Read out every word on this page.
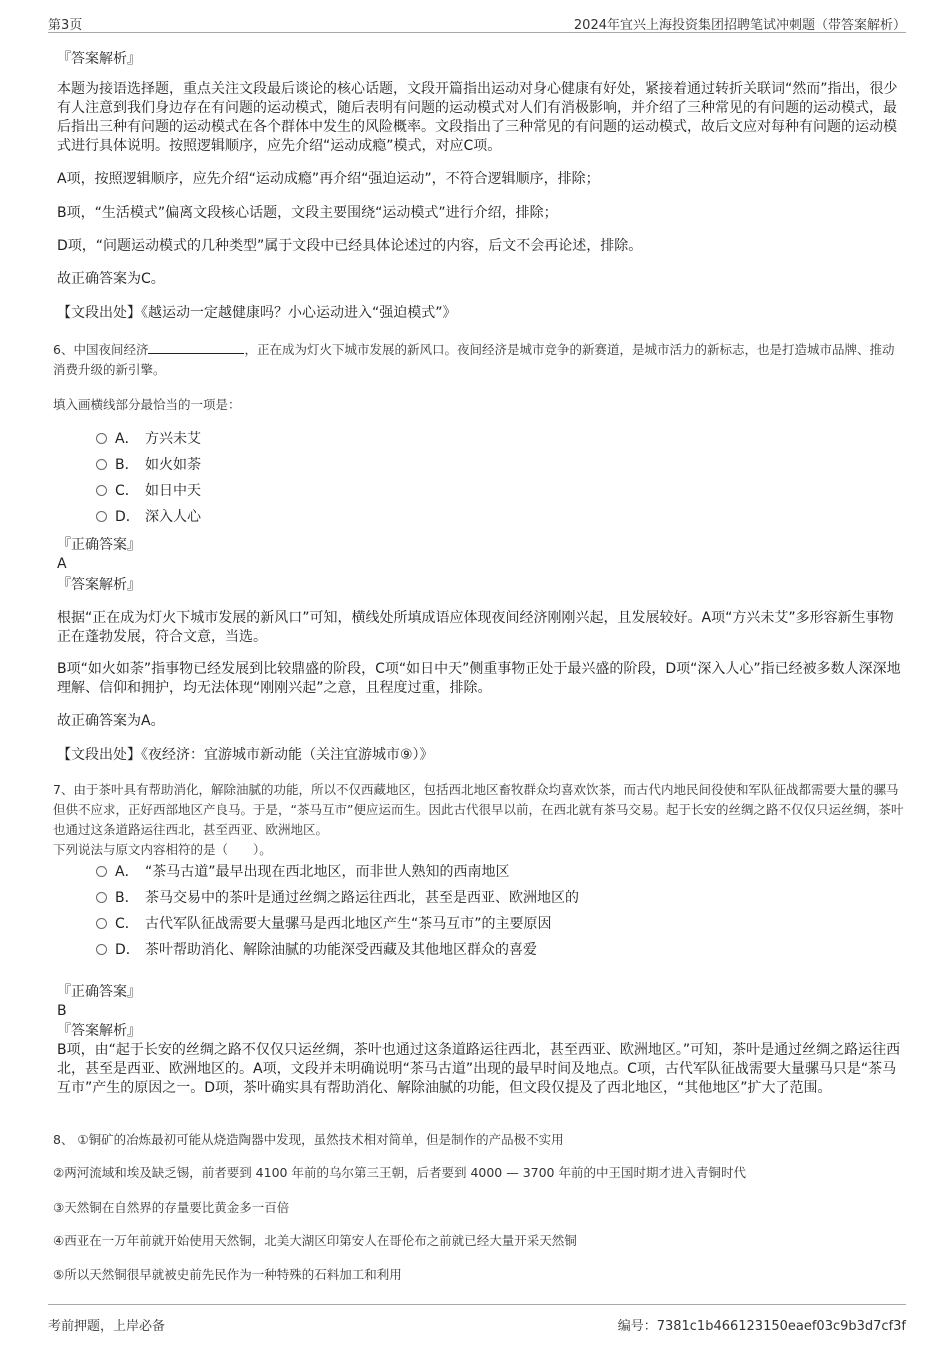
第3页	2024年宜兴上海投资集团招聘笔试冲刺题（带答案解析）
『答案解析』
本题为接语选择题，重点关注文段最后谈论的核心话题，文段开篇指出运动对身心健康有好处，紧接着通过转折关联词“然而”指出，很少有人注意到我们身边存在有问题的运动模式，随后表明有问题的运动模式对人们有消极影响，并介绍了三种常见的有问题的运动模式，最后指出三种有问题的运动模式在各个群体中发生的风险概率。文段指出了三种常见的有问题的运动模式，故后文应对每种有问题的运动模式进行具体说明。按照逻辑顺序，应先介绍“运动成瘾”模式，对应C项。
A项，按照逻辑顺序，应先介绍“运动成瘾”再介绍“强迫运动”，不符合逻辑顺序，排除；
B项，“生活模式”偏离文段核心话题，文段主要围绕“运动模式”进行介绍，排除；
D项，“问题运动模式的几种类型”属于文段中已经具体论述过的内容，后文不会再论述，排除。
故正确答案为C。
【文段出处】《越运动一定越健康吗？小心运动进入“强迫模式”》
6、中国夜间经济	，正在成为灯火下城市发展的新风口。夜间经济是城市竞争的新赛道，是城市活力的新标志，也是打造城市品牌、推动消费升级的新引擎。
填入画横线部分最恰当的一项是：
A． 方兴未艾
B． 如火如荼
C． 如日中天
D． 深入人心
『正确答案』
A
『答案解析』
根据“正在成为灯火下城市发展的新风口”可知，横线处所填成语应体现夜间经济刚刚兴起，且发展较好。A项“方兴未艾”多形容新生事物正在蓬勃发展，符合文意，当选。
B项“如火如荼”指事物已经发展到比较鼎盛的阶段，C项“如日中天”侧重事物正处于最兴盛的阶段，D项“深入人心”指已经被多数人深深地理解、信仰和拥护，均无法体现“刚刚兴起”之意，且程度过重，排除。
故正确答案为A。
【文段出处】《夜经济：宜游城市新动能（关注宜游城市⑨）》
7、由于茶叶具有帮助消化，解除油腻的功能，所以不仅西藏地区，包括西北地区畜牧群众均喜欢饮茶，而古代内地民间役使和军队征战都需要大量的骡马但供不应求，正好西部地区产良马。于是，“茶马互市”便应运而生。因此古代很早以前，在西北就有茶马交易。起于长安的丝绸之路不仅仅只运丝绸，茶叶也通过这条道路运往西北，甚至西亚、欧洲地区。
下列说法与原文内容相符的是（　　）。
A． “茶马古道”最早出现在西北地区，而非世人熟知的西南地区
B． 茶马交易中的茶叶是通过丝绸之路运往西北，甚至是西亚、欧洲地区的
C． 古代军队征战需要大量骡马是西北地区产生“茶马互市”的主要原因
D． 茶叶帮助消化、解除油腻的功能深受西藏及其他地区群众的喜爱
『正确答案』
B
『答案解析』
B项，由“起于长安的丝绸之路不仅仅只运丝绸，茶叶也通过这条道路运往西北，甚至西亚、欧洲地区。”可知，茶叶是通过丝绸之路运往西北，甚至是西亚、欧洲地区的。A项，文段并未明确说明“茶马古道”出现的最早时间及地点。C项，古代军队征战需要大量骡马只是“茶马互市”产生的原因之一。D项，茶叶确实具有帮助消化、解除油腻的功能，但文段仅提及了西北地区，“其他地区”扩大了范围。
8、 ①铜矿的冶炼最初可能从烧造陶器中发现，虽然技术相对简单，但是制作的产品极不实用
②两河流域和埃及缺乏锡，前者要到 4100 年前的乌尔第三王朝，后者要到 4000 — 3700 年前的中王国时期才进入青铜时代
③天然铜在自然界的存量要比黄金多一百倍
④西亚在一万年前就开始使用天然铜，北美大湖区印第安人在哥伦布之前就已经大量开采天然铜
⑤所以天然铜很早就被史前先民作为一种特殊的石料加工和利用
考前押题，上岸必备	编号：7381c1b466123150eaef03c9b3d7cf3f
